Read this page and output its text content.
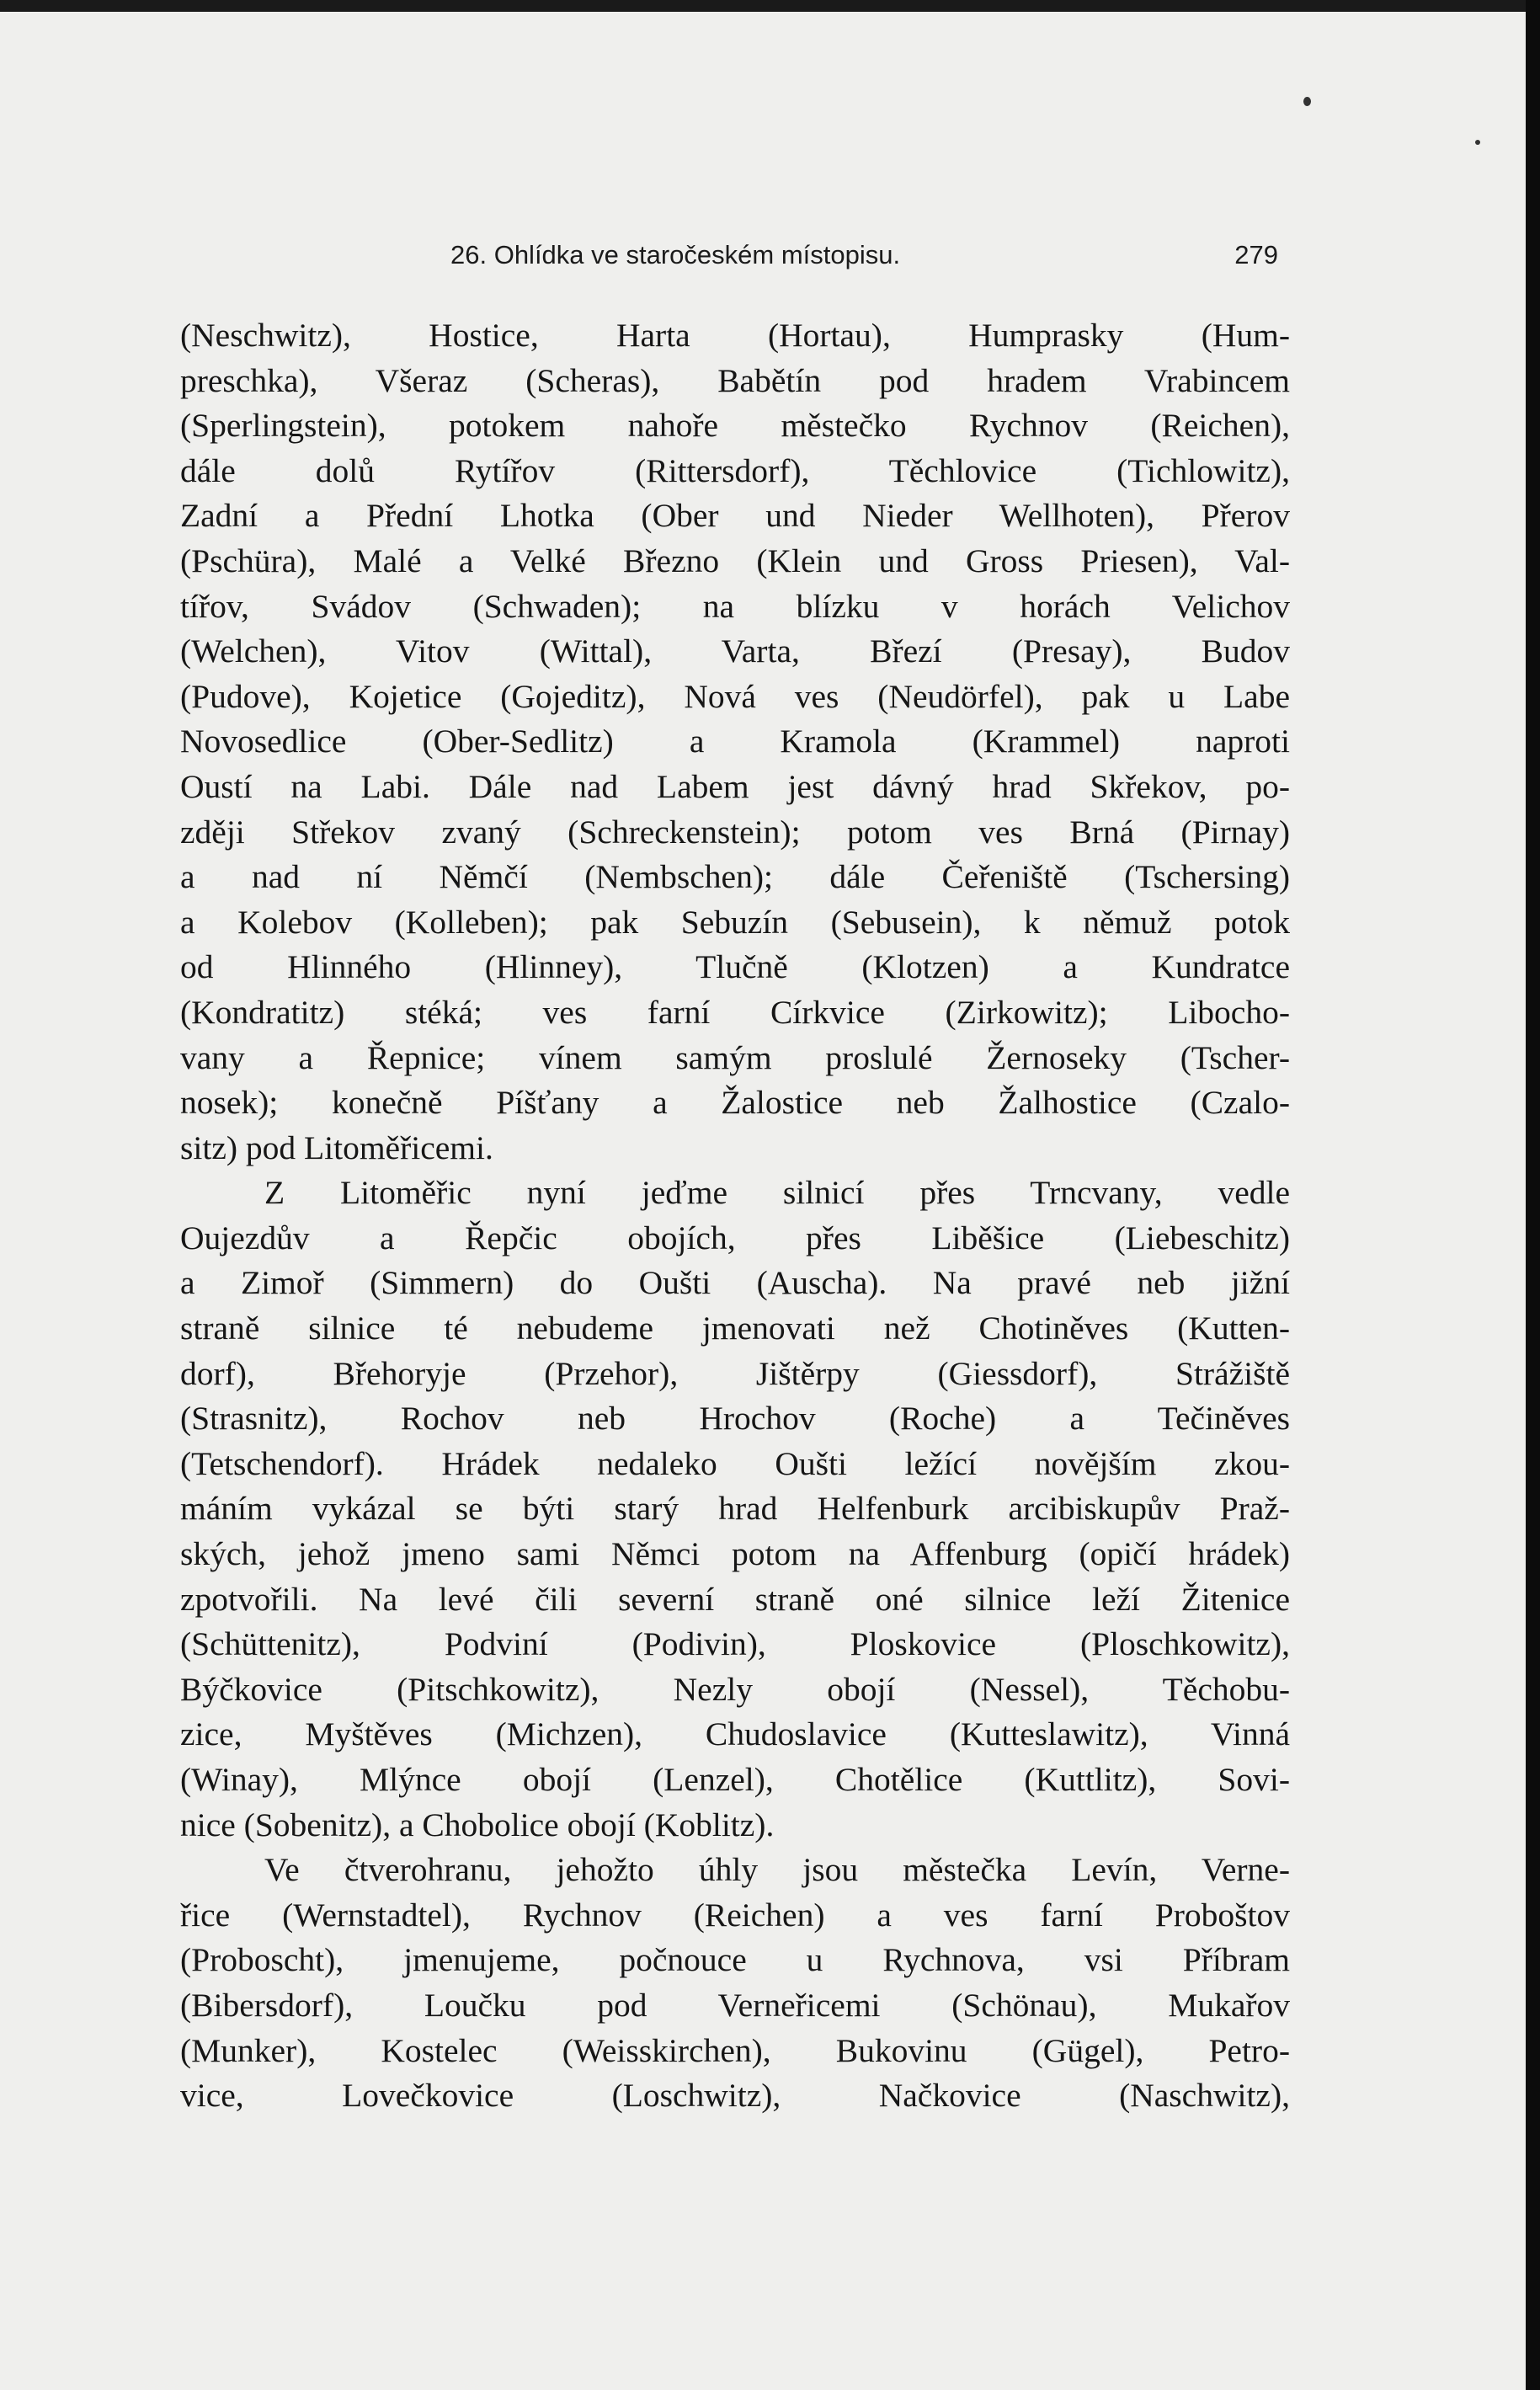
26. Ohlídka ve staročeském místopisu.	279

(Neschwitz), Hostice, Harta (Hortau), Humprasky (Hum-

preschka), Všeraz (Scheras), Babětín pod hradem Vrabincem

(Sperlingstein), potokem nahoře městečko Rychnov (Reichen),

dále dolů Rytířov (Rittersdorf), Těchlovice (Tichlowitz),

Zadní a Přední Lhotka (Ober und Nieder Wellhoten), Přerov

(Pschüra), Malé a Velké Březno (Klein und Gross Priesen), Val-

tířov, Svádov (Schwaden); na blízku v horách Velichov

(Welchen), Vitov (Wittal), Varta, Březí (Presay), Budov

(Pudove), Kojetice (Gojeditz), Nová ves (Neudörfel), pak u Labe

Novosedlice (Ober-Sedlitz) a Kramola (Krammel) naproti

Oustí na Labi. Dále nad Labem jest dávný hrad Skřekov, po-

zději Střekov zvaný (Schreckenstein); potom ves Brná (Pirnay)

a nad ní Němčí (Nembschen); dále Čeřeniště (Tschersing)

a Kolebov (Kolleben); pak Sebuzín (Sebusein), k němuž potok

od Hlinného (Hlinney), Tlučně (Klotzen) a Kundratce

(Kondratitz) stéká; ves farní Církvice (Zirkowitz); Libocho-

vany a Řepnice; vínem samým proslulé Žernoseky (Tscher-

nosek); konečně Píšťany a Žalostice neb Žalhostice (Czalo-

sitz) pod Litoměřicemi.

Z Litoměřic nyní jeďme silnicí přes Trncvany, vedle

Oujezdův a Řepčic obojích, přes Liběšice (Liebeschitz)

a Zimoř (Simmern) do Oušti (Auscha). Na pravé neb jižní

straně silnice té nebudeme jmenovati než Chotiněves (Kutten-

dorf), Břehoryje (Przehor), Jištěrpy (Giessdorf), Strážiště

(Strasnitz), Rochov neb Hrochov (Roche) a Tečiněves

(Tetschendorf). Hrádek nedaleko Oušti ležící novějším zkou-

máním vykázal se býti starý hrad Helfenburk arcibiskupův Praž-

ských, jehož jmeno sami Němci potom na Affenburg (opičí hrádek)

zpotvořili. Na levé čili severní straně oné silnice leží Žitenice

(Schüttenitz), Podviní (Podivin), Ploskovice (Ploschkowitz),

Býčkovice (Pitschkowitz), Nezly obojí (Nessel), Těchobu-

zice, Myštěves (Michzen), Chudoslavice (Kutteslawitz), Vinná

(Winay), Mlýnce obojí (Lenzel), Chotělice (Kuttlitz), Sovi-

nice (Sobenitz), a Chobolice obojí (Koblitz).

Ve čtverohranu, jehožto úhly jsou městečka Levín, Verne-

řice (Wernstadtel), Rychnov (Reichen) a ves farní Proboštov

(Proboscht), jmenujeme, počnouce u Rychnova, vsi Příbram

(Bibersdorf), Loučku pod Verneřicemi (Schönau), Mukařov

(Munker), Kostelec (Weisskirchen), Bukovinu (Gügel), Petro-

vice, Lovečkovice (Loschwitz), Načkovice (Naschwitz),
